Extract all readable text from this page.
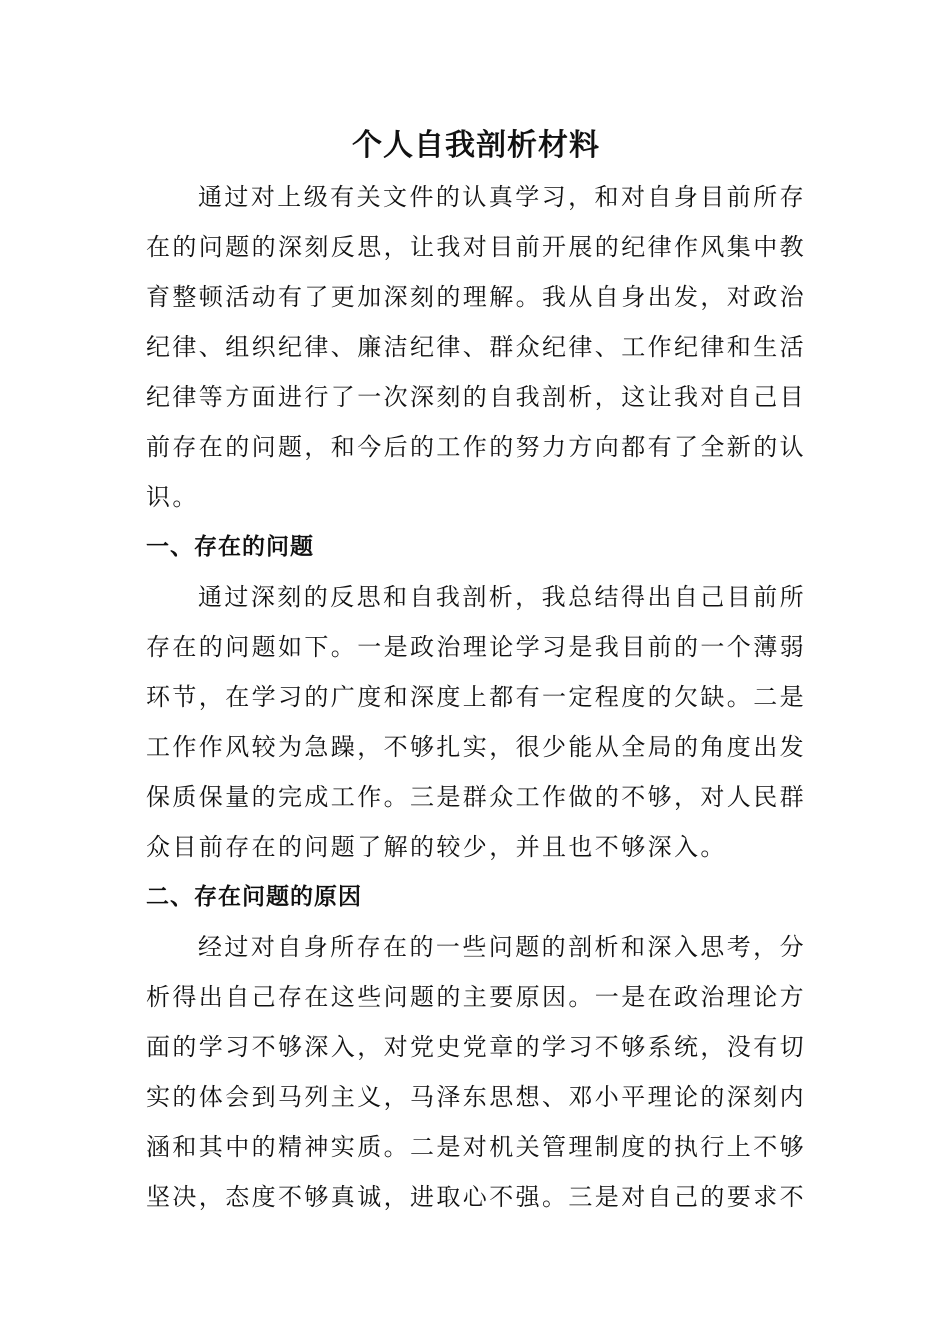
个人自我剖析材料

通过对上级有关文件的认真学习，和对自身目前所存在的问题的深刻反思，让我对目前开展的纪律作风集中教育整顿活动有了更加深刻的理解。我从自身出发，对政治纪律、组织纪律、廉洁纪律、群众纪律、工作纪律和生活纪律等方面进行了一次深刻的自我剖析，这让我对自己目前存在的问题，和今后的工作的努力方向都有了全新的认识。

一、存在的问题

通过深刻的反思和自我剖析，我总结得出自己目前所存在的问题如下。一是政治理论学习是我目前的一个薄弱环节，在学习的广度和深度上都有一定程度的欠缺。二是工作作风较为急躁，不够扎实，很少能从全局的角度出发保质保量的完成工作。三是群众工作做的不够，对人民群众目前存在的问题了解的较少，并且也不够深入。

二、存在问题的原因

经过对自身所存在的一些问题的剖析和深入思考，分析得出自己存在这些问题的主要原因。一是在政治理论方面的学习不够深入，对党史党章的学习不够系统，没有切实的体会到马列主义，马泽东思想、邓小平理论的深刻内涵和其中的精神实质。二是对机关管理制度的执行上不够坚决，态度不够真诚，进取心不强。三是对自己的要求不
